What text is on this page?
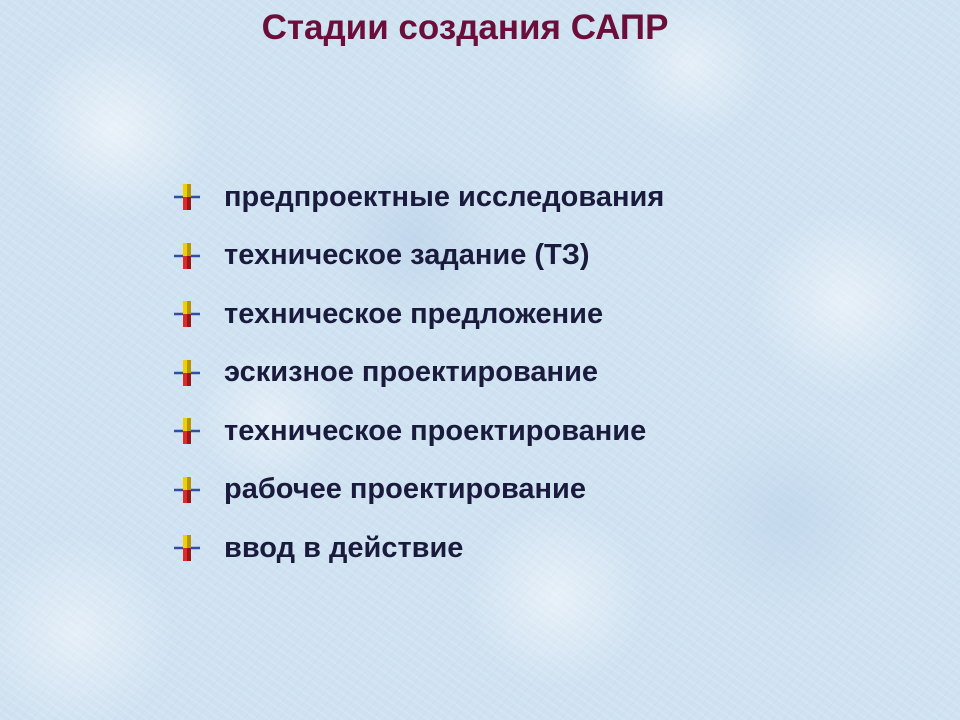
Стадии создания САПР
предпроектные исследования
техническое задание (ТЗ)
техническое предложение
эскизное проектирование
техническое проектирование
рабочее проектирование
ввод в действие
